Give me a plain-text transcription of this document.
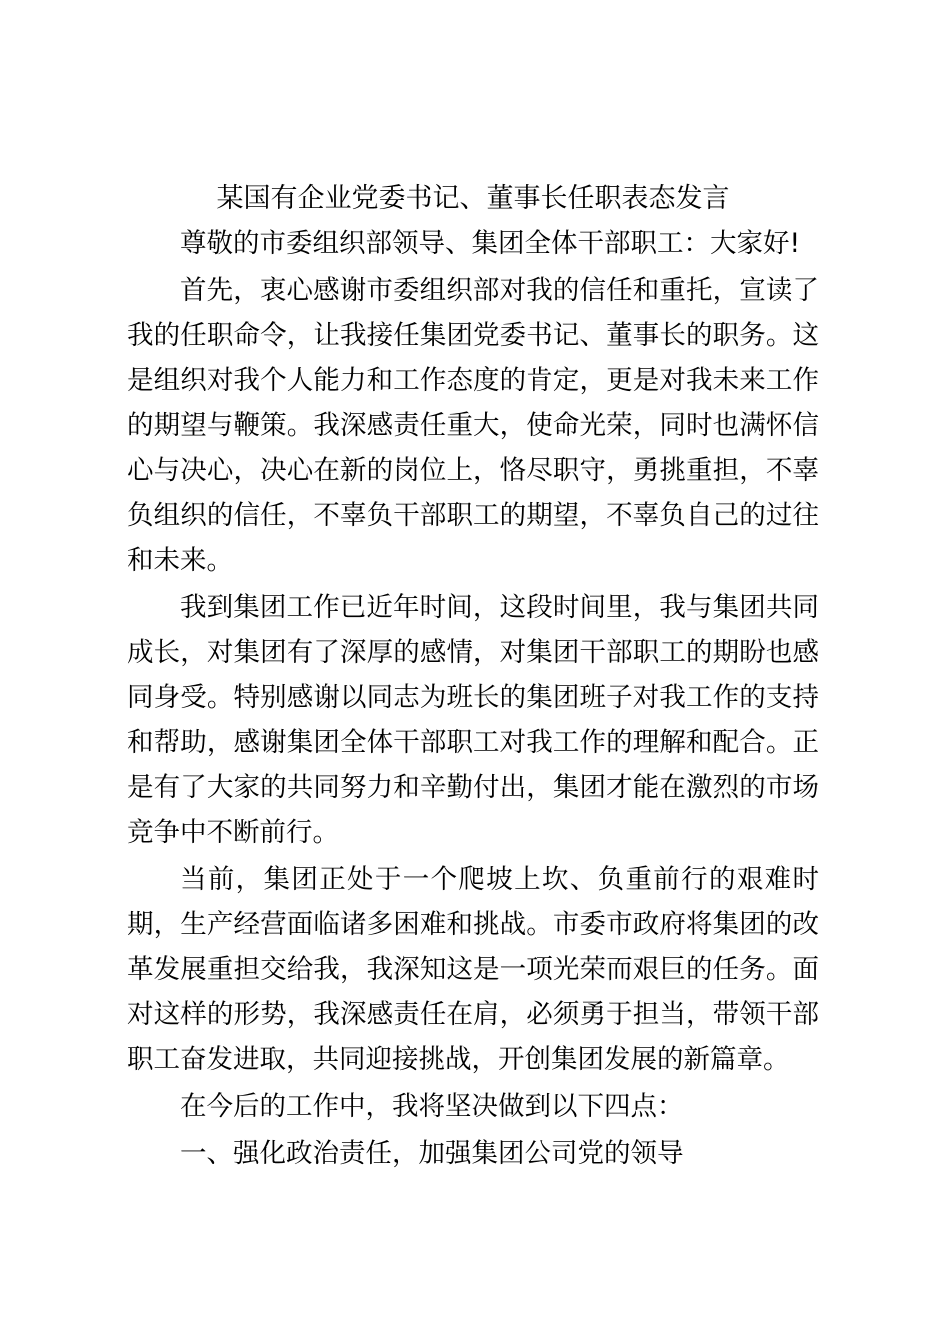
某国有企业党委书记、董事长任职表态发言

尊敬的市委组织部领导、集团全体干部职工：大家好!

首先，衷心感谢市委组织部对我的信任和重托，宣读了我的任职命令，让我接任集团党委书记、董事长的职务。这是组织对我个人能力和工作态度的肯定，更是对我未来工作的期望与鞭策。我深感责任重大，使命光荣，同时也满怀信心与决心，决心在新的岗位上，恪尽职守，勇挑重担，不辜负组织的信任，不辜负干部职工的期望，不辜负自己的过往和未来。

我到集团工作已近年时间，这段时间里，我与集团共同成长，对集团有了深厚的感情，对集团干部职工的期盼也感同身受。特别感谢以同志为班长的集团班子对我工作的支持和帮助，感谢集团全体干部职工对我工作的理解和配合。正是有了大家的共同努力和辛勤付出，集团才能在激烈的市场竞争中不断前行。

当前，集团正处于一个爬坡上坎、负重前行的艰难时期，生产经营面临诸多困难和挑战。市委市政府将集团的改革发展重担交给我，我深知这是一项光荣而艰巨的任务。面对这样的形势，我深感责任在肩，必须勇于担当，带领干部职工奋发进取，共同迎接挑战，开创集团发展的新篇章。

在今后的工作中，我将坚决做到以下四点：

一、强化政治责任，加强集团公司党的领导
